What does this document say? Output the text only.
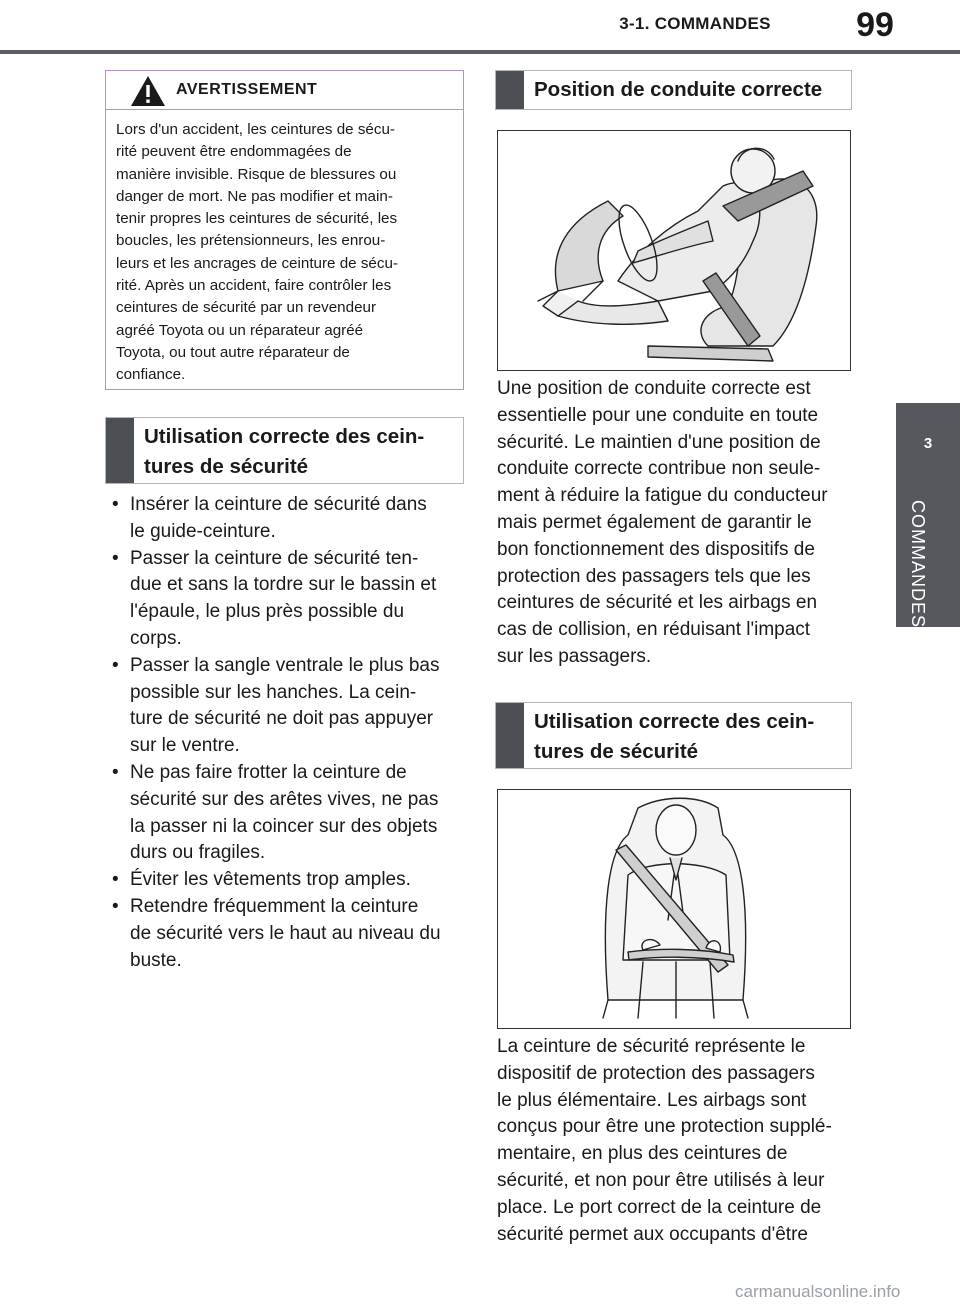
3-1. COMMANDES	99
3
COMMANDES
AVERTISSEMENT
Lors d'un accident, les ceintures de sécu-
rité peuvent être endommagées de
manière invisible. Risque de blessures ou
danger de mort. Ne pas modifier et main-
tenir propres les ceintures de sécurité, les
boucles, les prétensionneurs, les enrou-
leurs et les ancrages de ceinture de sécu-
rité. Après un accident, faire contrôler les
ceintures de sécurité par un revendeur
agréé Toyota ou un réparateur agréé
Toyota, ou tout autre réparateur de
confiance.
Utilisation correcte des cein-
tures de sécurité
• Insérer la ceinture de sécurité dans
le guide-ceinture.
• Passer la ceinture de sécurité ten-
due et sans la tordre sur le bassin et
l'épaule, le plus près possible du
corps.
• Passer la sangle ventrale le plus bas
possible sur les hanches. La cein-
ture de sécurité ne doit pas appuyer
sur le ventre.
• Ne pas faire frotter la ceinture de
sécurité sur des arêtes vives, ne pas
la passer ni la coincer sur des objets
durs ou fragiles.
• Éviter les vêtements trop amples.
• Retendre fréquemment la ceinture
de sécurité vers le haut au niveau du
buste.
Position de conduite correcte
Une position de conduite correcte est
essentielle pour une conduite en toute
sécurité. Le maintien d'une position de
conduite correcte contribue non seule-
ment à réduire la fatigue du conducteur
mais permet également de garantir le
bon fonctionnement des dispositifs de
protection des passagers tels que les
ceintures de sécurité et les airbags en
cas de collision, en réduisant l'impact
sur les passagers.
Utilisation correcte des cein-
tures de sécurité
La ceinture de sécurité représente le
dispositif de protection des passagers
le plus élémentaire. Les airbags sont
conçus pour être une protection supplé-
mentaire, en plus des ceintures de
sécurité, et non pour être utilisés à leur
place. Le port correct de la ceinture de
sécurité permet aux occupants d'être
carmanualsonline.info
